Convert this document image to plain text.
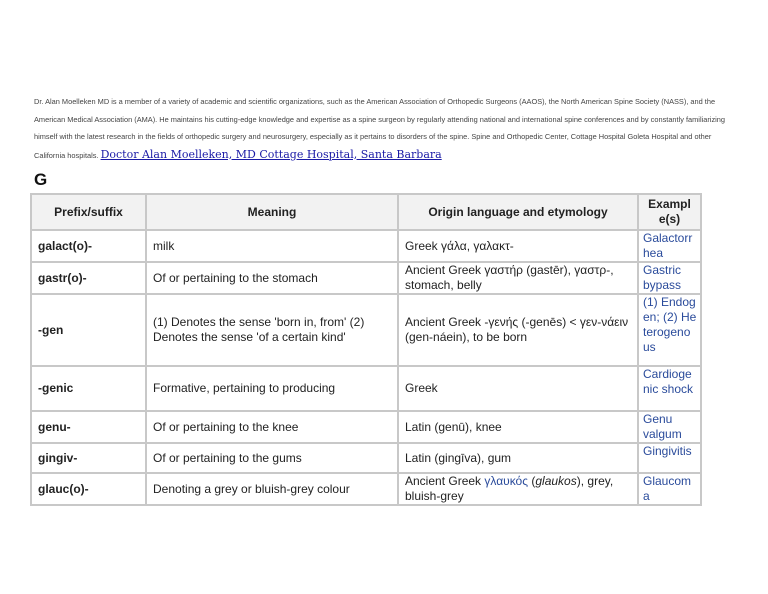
Dr. Alan Moelleken MD is a member of a variety of academic and scientific organizations, such as the American Association of Orthopedic Surgeons (AAOS), the North American Spine Society (NASS), and the American Medical Association (AMA). He maintains his cutting-edge knowledge and expertise as a spine surgeon by regularly attending national and international spine conferences and by constantly familiarizing himself with the latest research in the fields of orthopedic surgery and neurosurgery, especially as it pertains to disorders of the spine. Spine and Orthopedic Center, Cottage Hospital Goleta Hospital and other California hospitals. Doctor Alan Moelleken, MD Cottage Hospital, Santa Barbara
G
Prefix/suffix	Meaning	Origin language and etymology	Exampl e(s)
galact(o)-	milk	Greek γάλα, γαλακτ-	Galactorrhea
gastr(o)-	Of or pertaining to the stomach	Ancient Greek γαστήρ (gastēr), γαστρ-, stomach, belly	Gastric bypass
-gen	(1) Denotes the sense 'born in, from' (2) Denotes the sense 'of a certain kind'	Ancient Greek -γενής (-genēs) < γεν-νάειν (gen-náein), to be born	(1) Endogen; (2) Heterogenous
-genic	Formative, pertaining to producing	Greek	Cardiogenic shock
genu-	Of or pertaining to the knee	Latin (genū), knee	Genu valgum
gingiv-	Of or pertaining to the gums	Latin (gingīva), gum	Gingivitis
glauc(o)-	Denoting a grey or bluish-grey colour	Ancient Greek γλαυκός (glaukos), grey, bluish-grey	Glaucoma
